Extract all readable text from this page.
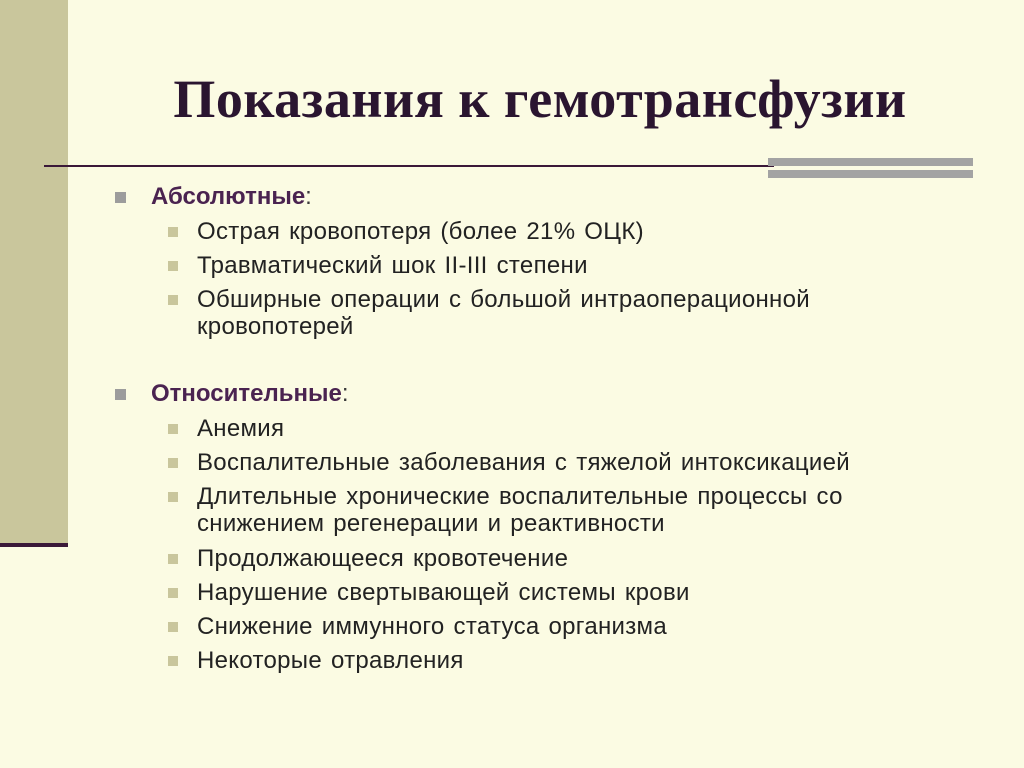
Показания к гемотрансфузии
Абсолютные :
Острая кровопотеря (более 21% ОЦК)
Травматический шок II-III степени
Обширные операции с большой интраоперационной
кровопотерей
Относительные :
Анемия
Воспалительные заболевания с тяжелой интоксикацией
Длительные хронические воспалительные процессы со
снижением регенерации и реактивности
Продолжающееся кровотечение
Нарушение свертывающей системы крови
Снижение иммунного статуса организма
Некоторые отравления
